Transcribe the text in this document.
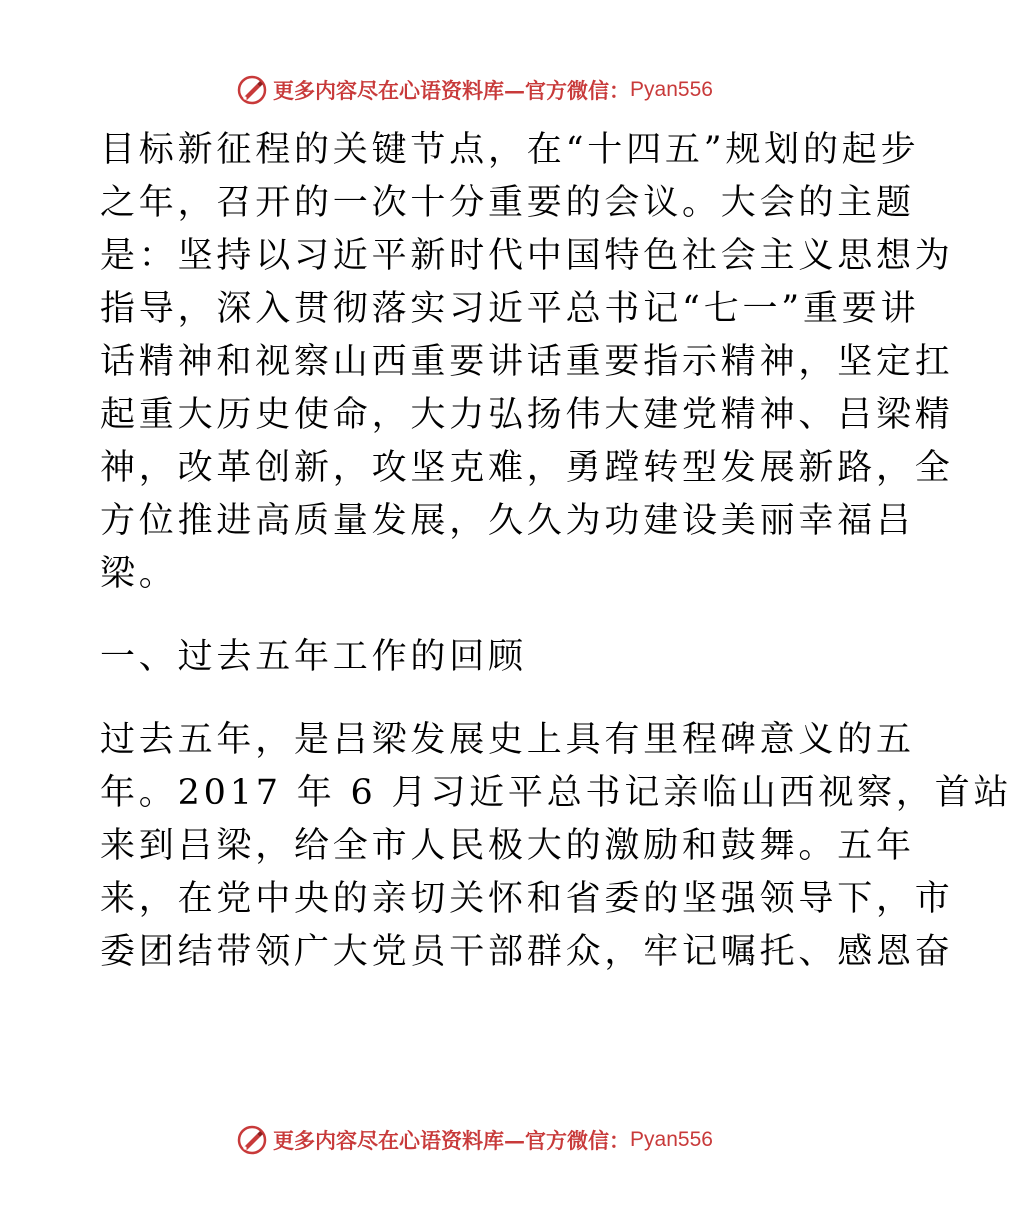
更多内容尽在心语资料库—官方微信： Pyan556
目标新征程的关键节点，在“十四五”规划的起步
之年，召开的一次十分重要的会议。大会的主题
是：坚持以习近平新时代中国特色社会主义思想为
指导，深入贯彻落实习近平总书记“七一”重要讲
话精神和视察山西重要讲话重要指示精神，坚定扛
起重大历史使命，大力弘扬伟大建党精神、吕梁精
神，改革创新，攻坚克难，勇蹚转型发展新路，全
方位推进高质量发展，久久为功建设美丽幸福吕
梁。
一、过去五年工作的回顾
过去五年，是吕梁发展史上具有里程碑意义的五
年。2017 年 6 月习近平总书记亲临山西视察，首站
来到吕梁，给全市人民极大的激励和鼓舞。五年
来，在党中央的亲切关怀和省委的坚强领导下，市
委团结带领广大党员干部群众，牢记嘱托、感恩奋
更多内容尽在心语资料库—官方微信： Pyan556
